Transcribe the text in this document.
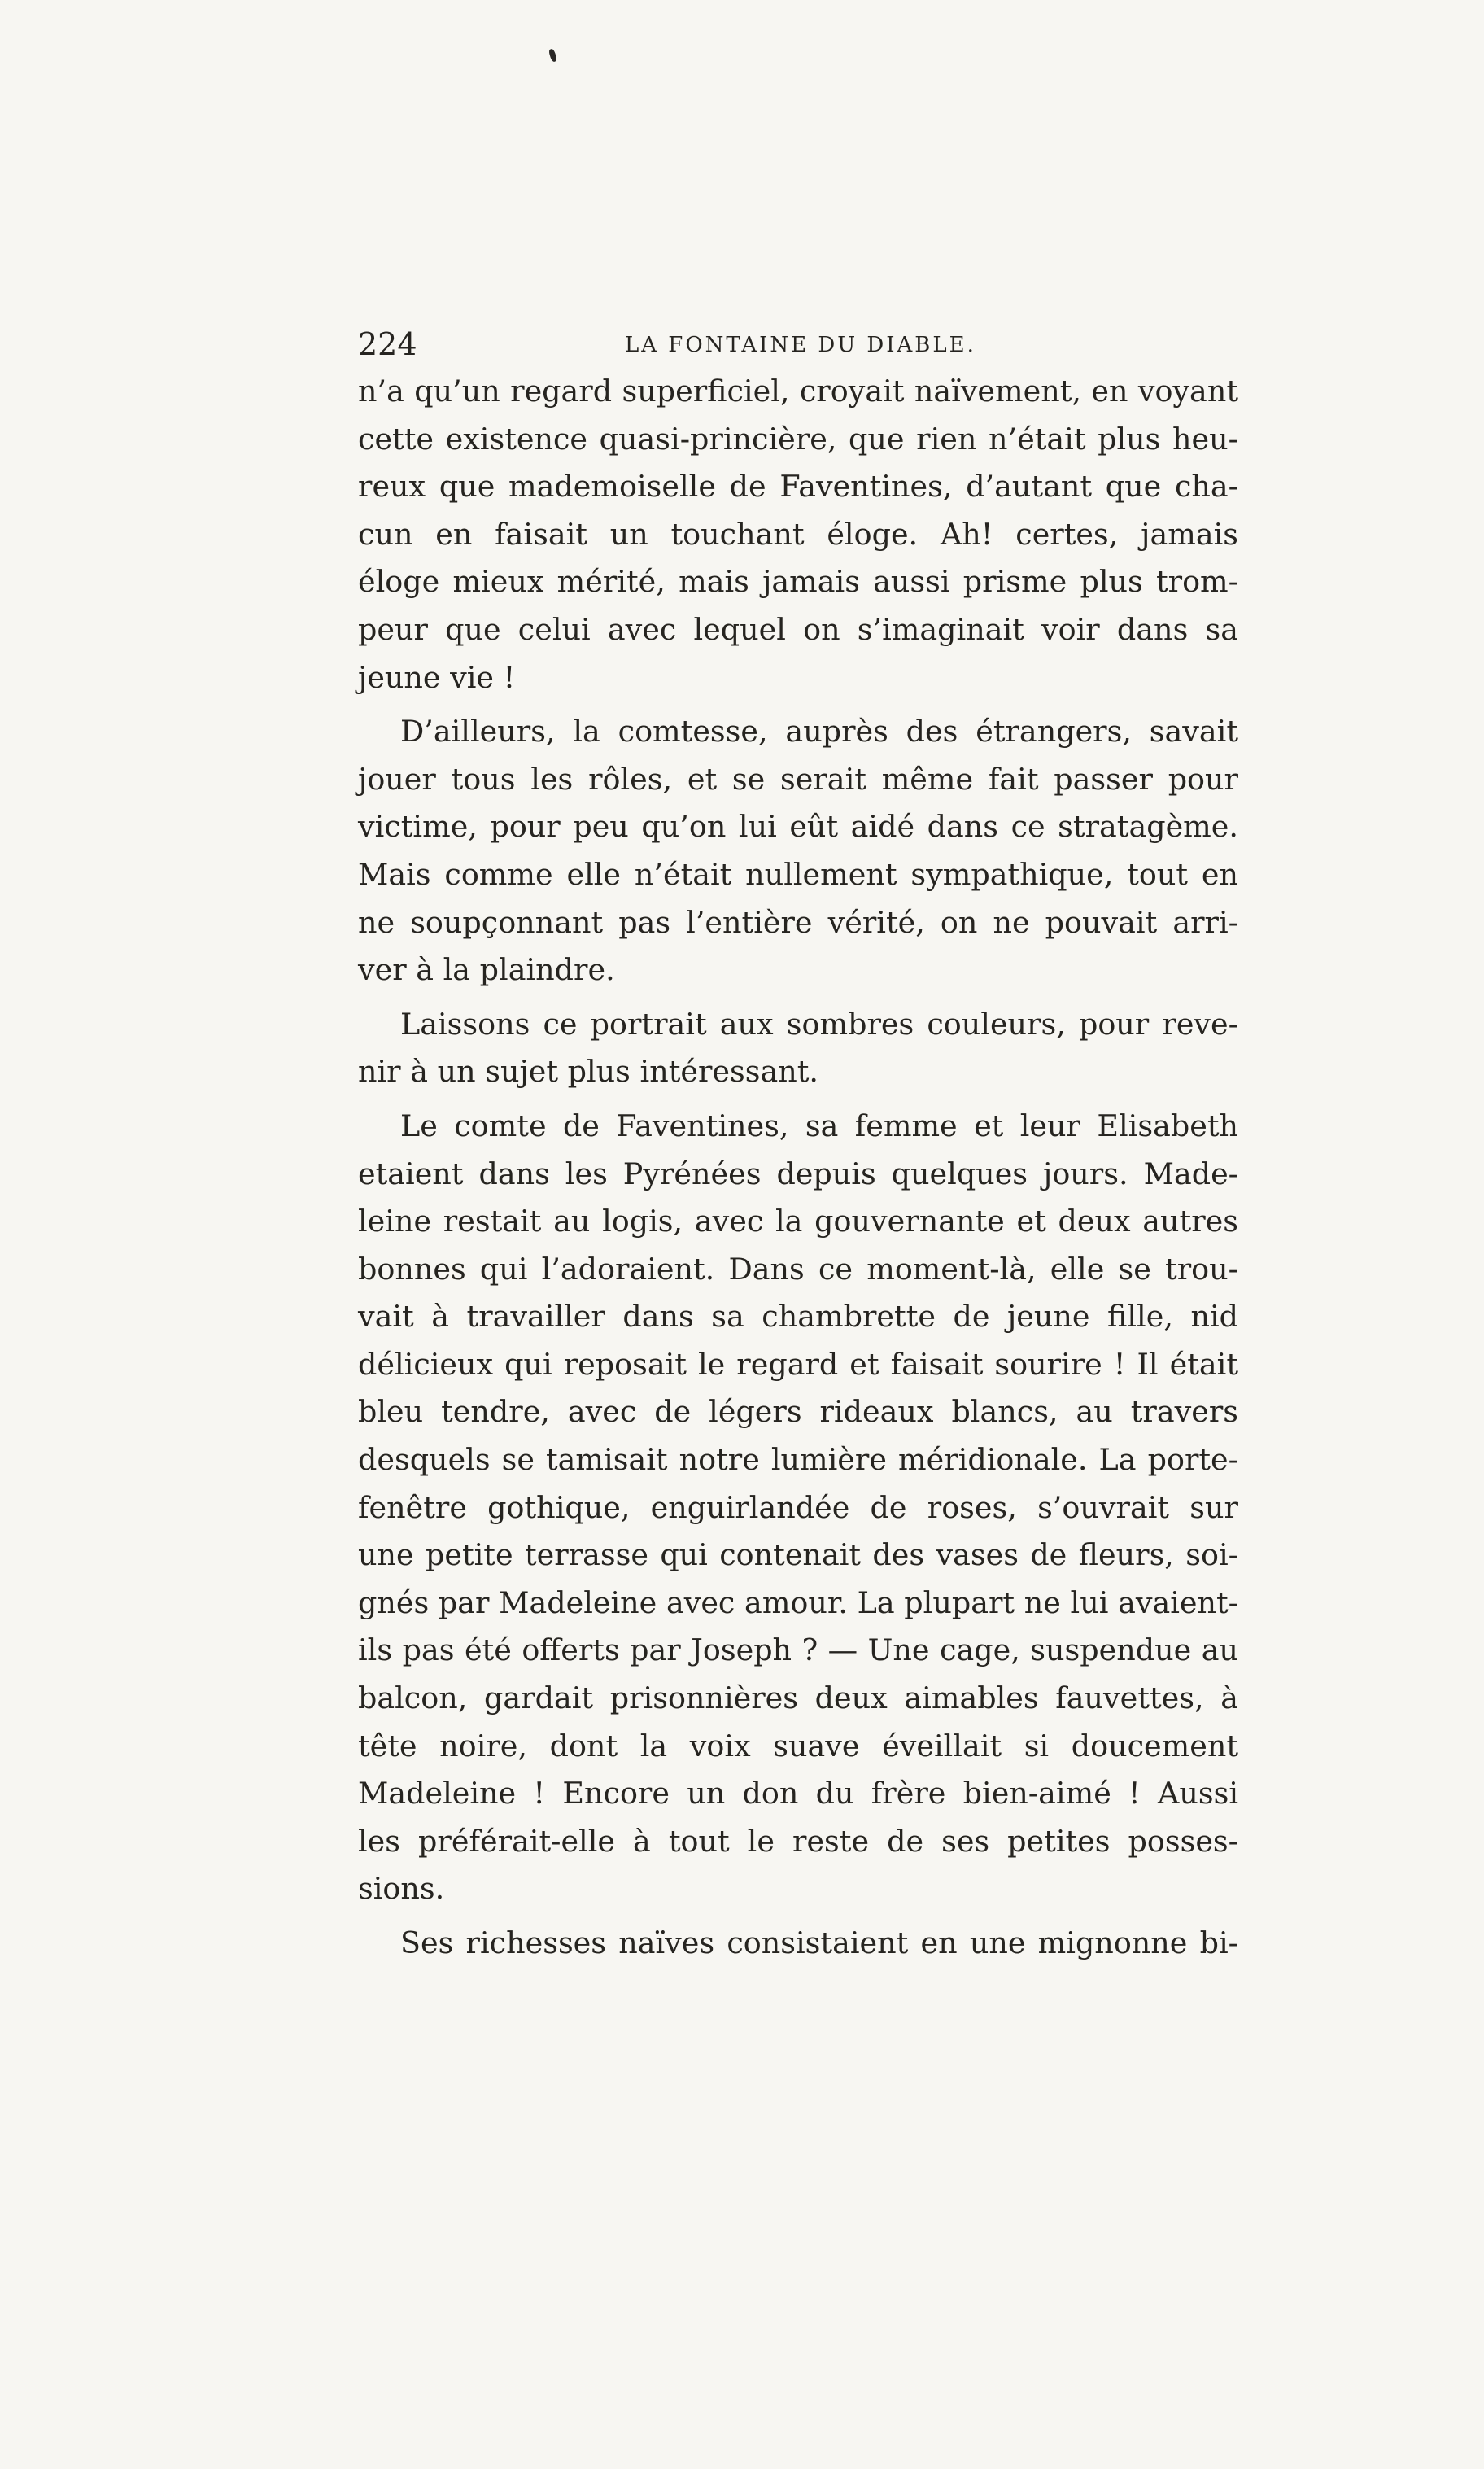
224	LA FONTAINE DU DIABLE.

n’a qu’un regard superficiel, croyait naïvement, en voyant
cette existence quasi-princière, que rien n’était plus heu-
reux que mademoiselle de Faventines, d’autant que cha-
cun en faisait un touchant éloge. Ah! certes, jamais
éloge mieux mérité, mais jamais aussi prisme plus trom-
peur que celui avec lequel on s’imaginait voir dans sa
jeune vie !

D’ailleurs, la comtesse, auprès des étrangers, savait
jouer tous les rôles, et se serait même fait passer pour
victime, pour peu qu’on lui eût aidé dans ce stratagème.
Mais comme elle n’était nullement sympathique, tout en
ne soupçonnant pas l’entière vérité, on ne pouvait arri-
ver à la plaindre.

Laissons ce portrait aux sombres couleurs, pour reve-
nir à un sujet plus intéressant.

Le comte de Faventines, sa femme et leur Elisabeth
etaient dans les Pyrénées depuis quelques jours. Made-
leine restait au logis, avec la gouvernante et deux autres
bonnes qui l’adoraient. Dans ce moment-là, elle se trou-
vait à travailler dans sa chambrette de jeune fille, nid
délicieux qui reposait le regard et faisait sourire ! Il était
bleu tendre, avec de légers rideaux blancs, au travers
desquels se tamisait notre lumière méridionale. La porte-
fenêtre gothique, enguirlandée de roses, s’ouvrait sur
une petite terrasse qui contenait des vases de fleurs, soi-
gnés par Madeleine avec amour. La plupart ne lui avaient-
ils pas été offerts par Joseph ? — Une cage, suspendue au
balcon, gardait prisonnières deux aimables fauvettes, à
tête noire, dont la voix suave éveillait si doucement
Madeleine ! Encore un don du frère bien-aimé ! Aussi
les préférait-elle à tout le reste de ses petites posses-
sions.

Ses richesses naïves consistaient en une mignonne bi-
